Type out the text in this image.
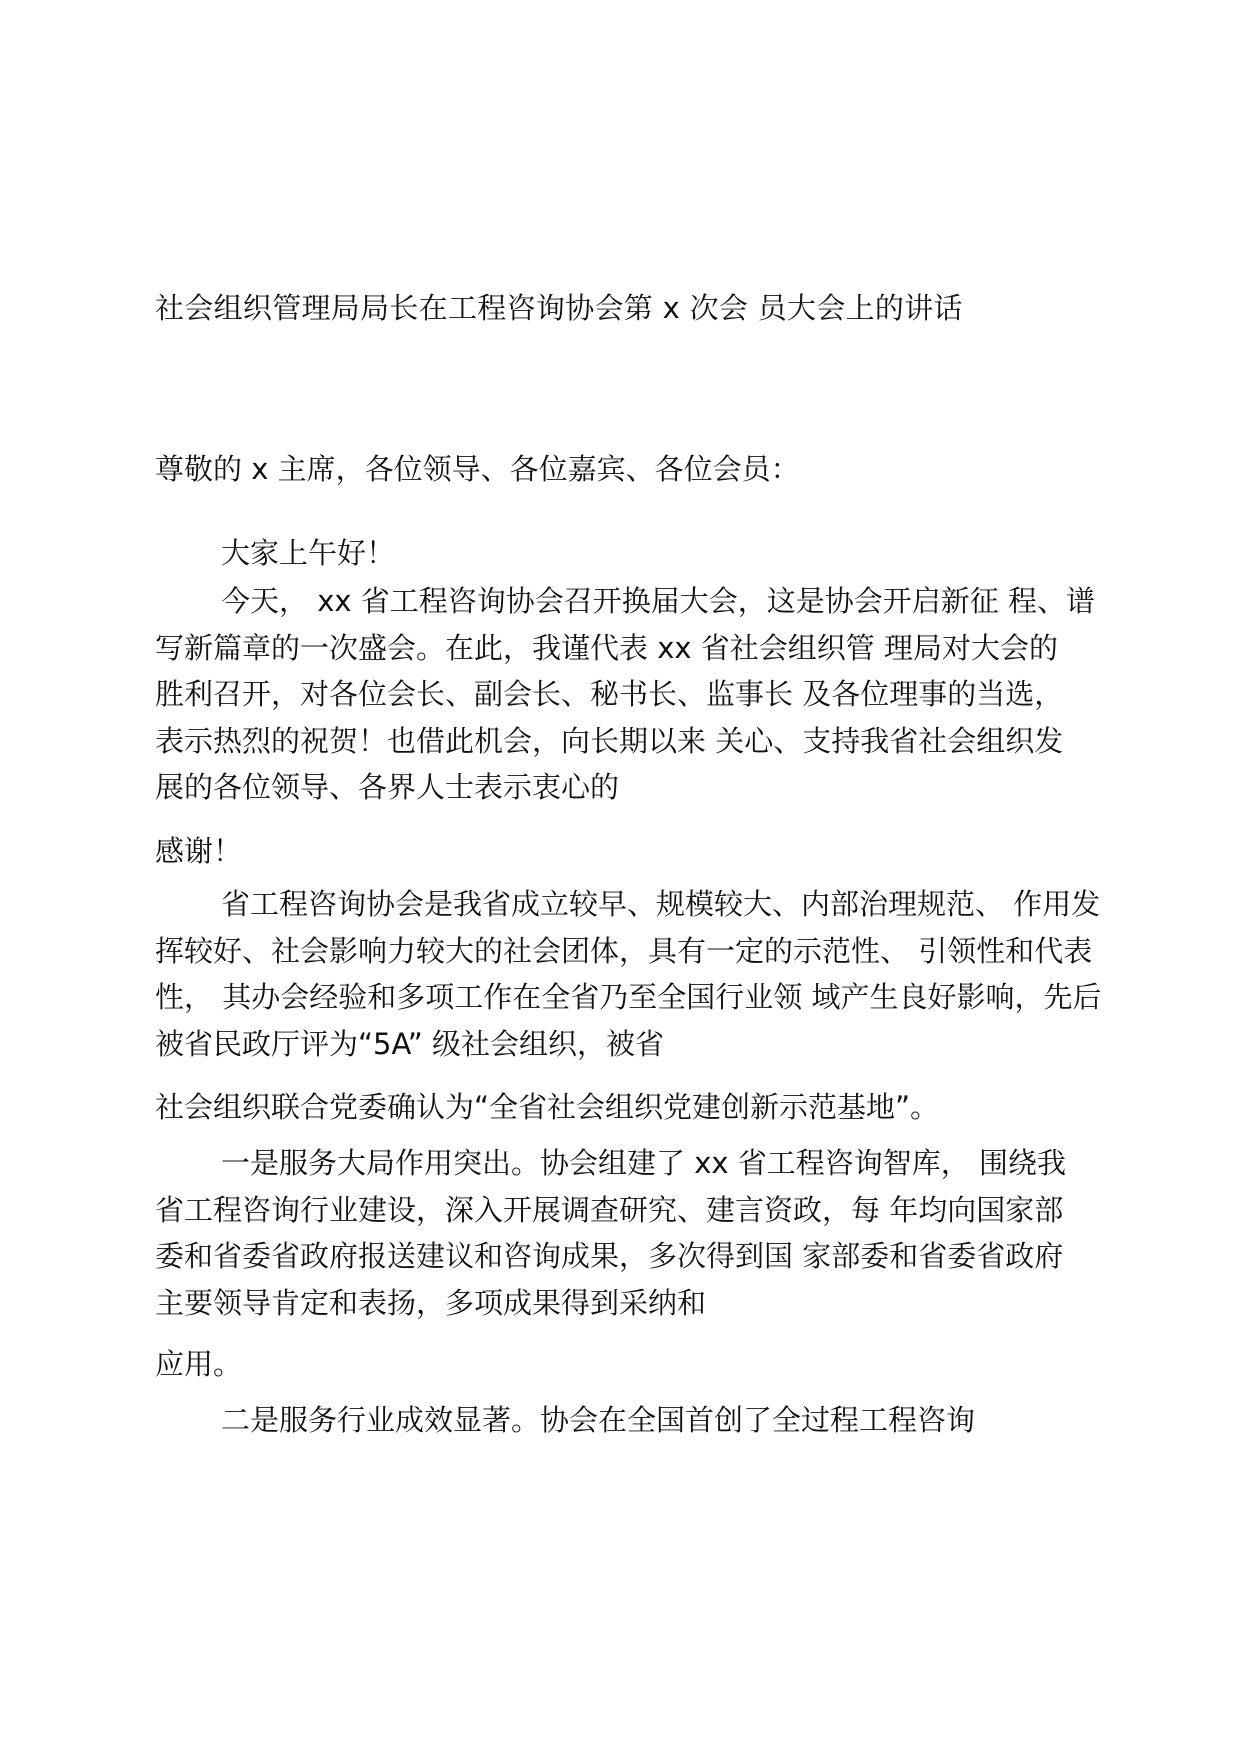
社会组织管理局局长在工程咨询协会第 x 次会 员大会上的讲话
尊敬的 x 主席，各位领导、各位嘉宾、各位会员：
大家上午好！
今天， xx 省工程咨询协会召开换届大会，这是协会开启新征 程、谱
写新篇章的一次盛会。在此，我谨代表 xx 省社会组织管 理局对大会的
胜利召开，对各位会长、副会长、秘书长、监事长 及各位理事的当选，
表示热烈的祝贺！也借此机会，向长期以来 关心、支持我省社会组织发
展的各位领导、各界人士表示衷心的
感谢！
省工程咨询协会是我省成立较早、规模较大、内部治理规范、 作用发
挥较好、社会影响力较大的社会团体，具有一定的示范性、 引领性和代表
性， 其办会经验和多项工作在全省乃至全国行业领 域产生良好影响，先后
被省民政厅评为“5A” 级社会组织，被省
社会组织联合党委确认为“全省社会组织党建创新示范基地”。
一是服务大局作用突出。协会组建了 xx 省工程咨询智库， 围绕我
省工程咨询行业建设，深入开展调查研究、建言资政，每 年均向国家部
委和省委省政府报送建议和咨询成果，多次得到国 家部委和省委省政府
主要领导肯定和表扬，多项成果得到采纳和
应用。
二是服务行业成效显著。协会在全国首创了全过程工程咨询
